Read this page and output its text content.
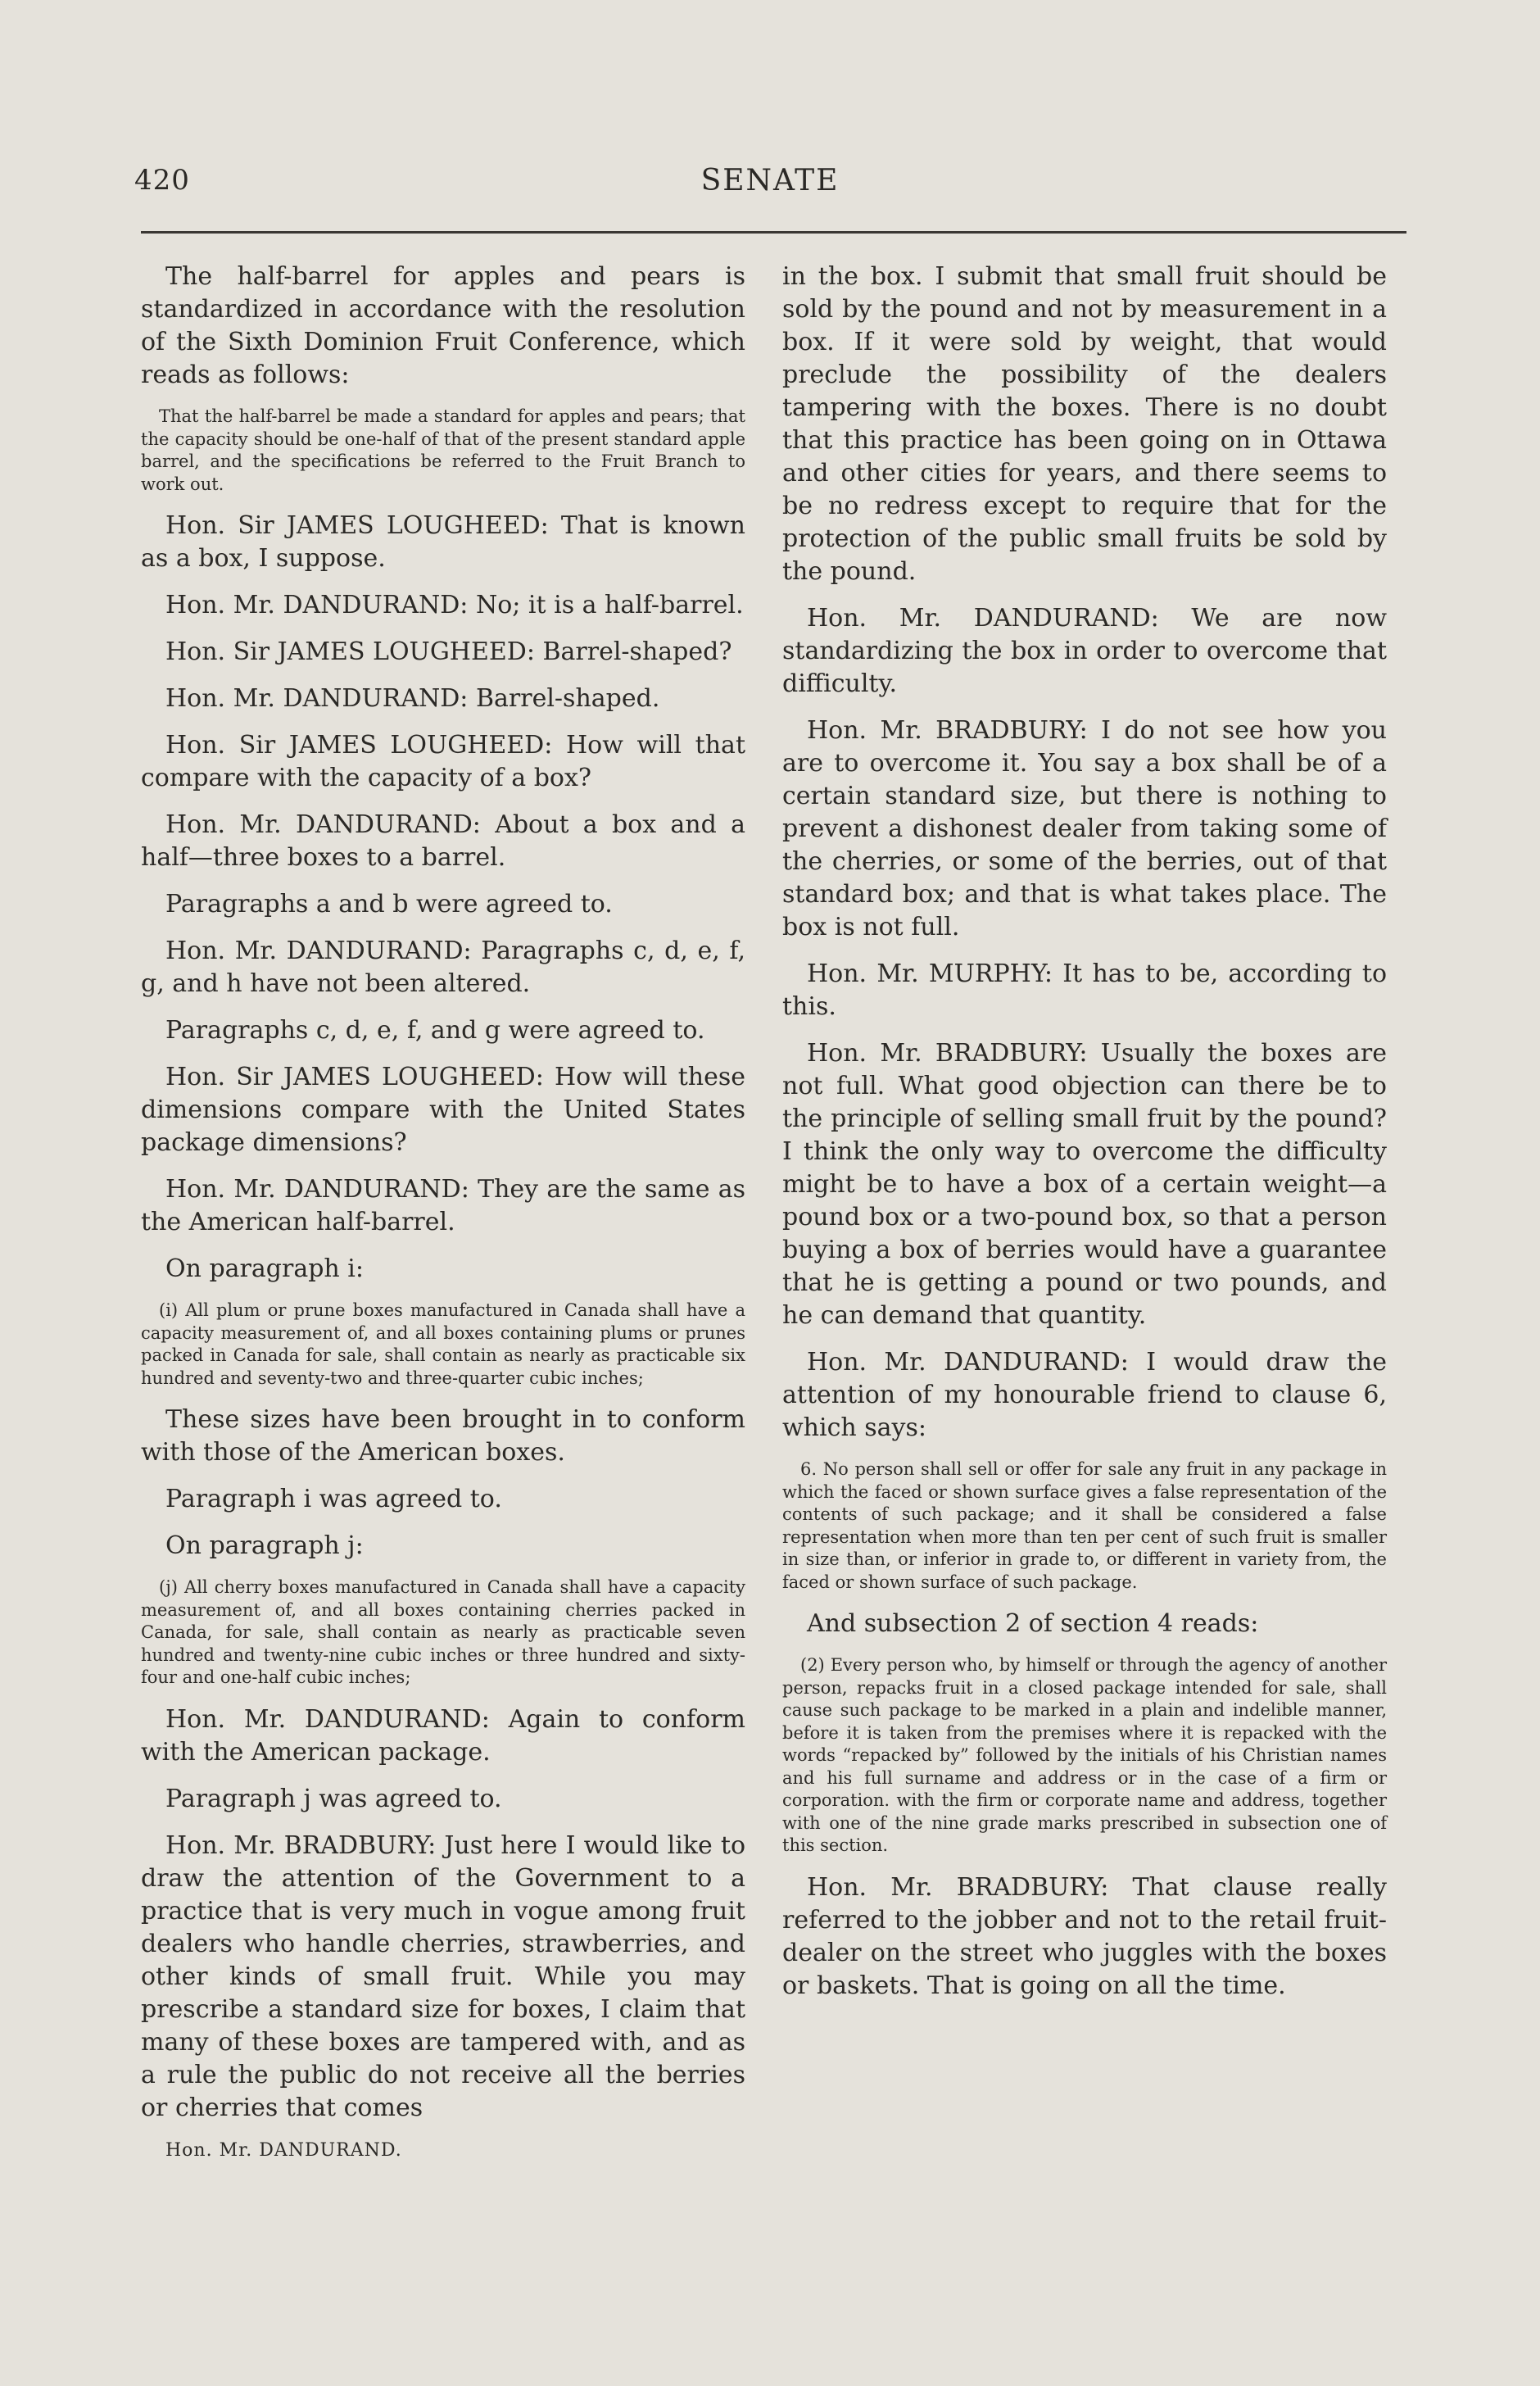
420	SENATE

The half-barrel for apples and pears is standardized in accordance with the resolution of the Sixth Dominion Fruit Conference, which reads as follows:

That the half-barrel be made a standard for apples and pears; that the capacity should be one-half of that of the present standard apple barrel, and the specifications be referred to the Fruit Branch to work out.

Hon. Sir JAMES LOUGHEED: That is known as a box, I suppose.

Hon. Mr. DANDURAND: No; it is a half-barrel.

Hon. Sir JAMES LOUGHEED: Barrel-shaped?

Hon. Mr. DANDURAND: Barrel-shaped.

Hon. Sir JAMES LOUGHEED: How will that compare with the capacity of a box?

Hon. Mr. DANDURAND: About a box and a half—three boxes to a barrel.

Paragraphs a and b were agreed to.

Hon. Mr. DANDURAND: Paragraphs c, d, e, f, g, and h have not been altered.

Paragraphs c, d, e, f, and g were agreed to.

Hon. Sir JAMES LOUGHEED: How will these dimensions compare with the United States package dimensions?

Hon. Mr. DANDURAND: They are the same as the American half-barrel.

On paragraph i:

(i) All plum or prune boxes manufactured in Canada shall have a capacity measurement of, and all boxes containing plums or prunes packed in Canada for sale, shall contain as nearly as practicable six hundred and seventy-two and three-quarter cubic inches;

These sizes have been brought in to conform with those of the American boxes.

Paragraph i was agreed to.

On paragraph j:

(j) All cherry boxes manufactured in Canada shall have a capacity measurement of, and all boxes containing cherries packed in Canada, for sale, shall contain as nearly as practicable seven hundred and twenty-nine cubic inches or three hundred and sixty-four and one-half cubic inches;

Hon. Mr. DANDURAND: Again to conform with the American package.

Paragraph j was agreed to.

Hon. Mr. BRADBURY: Just here I would like to draw the attention of the Government to a practice that is very much in vogue among fruit dealers who handle cherries, strawberries, and other kinds of small fruit. While you may prescribe a standard size for boxes, I claim that many of these boxes are tampered with, and as a rule the public do not receive all the berries or cherries that comes

Hon. Mr. DANDURAND.

in the box. I submit that small fruit should be sold by the pound and not by measurement in a box. If it were sold by weight, that would preclude the possibility of the dealers tampering with the boxes. There is no doubt that this practice has been going on in Ottawa and other cities for years, and there seems to be no redress except to require that for the protection of the public small fruits be sold by the pound.

Hon. Mr. DANDURAND: We are now standardizing the box in order to overcome that difficulty.

Hon. Mr. BRADBURY: I do not see how you are to overcome it. You say a box shall be of a certain standard size, but there is nothing to prevent a dishonest dealer from taking some of the cherries, or some of the berries, out of that standard box; and that is what takes place. The box is not full.

Hon. Mr. MURPHY: It has to be, according to this.

Hon. Mr. BRADBURY: Usually the boxes are not full. What good objection can there be to the principle of selling small fruit by the pound? I think the only way to overcome the difficulty might be to have a box of a certain weight—a pound box or a two-pound box, so that a person buying a box of berries would have a guarantee that he is getting a pound or two pounds, and he can demand that quantity.

Hon. Mr. DANDURAND: I would draw the attention of my honourable friend to clause 6, which says:

6. No person shall sell or offer for sale any fruit in any package in which the faced or shown surface gives a false representation of the contents of such package; and it shall be considered a false representation when more than ten per cent of such fruit is smaller in size than, or inferior in grade to, or different in variety from, the faced or shown surface of such package.

And subsection 2 of section 4 reads:

(2) Every person who, by himself or through the agency of another person, repacks fruit in a closed package intended for sale, shall cause such package to be marked in a plain and indelible manner, before it is taken from the premises where it is repacked with the words “repacked by” followed by the initials of his Christian names and his full surname and address or in the case of a firm or corporation. with the firm or corporate name and address, together with one of the nine grade marks prescribed in subsection one of this section.

Hon. Mr. BRADBURY: That clause really referred to the jobber and not to the retail fruit-dealer on the street who juggles with the boxes or baskets. That is going on all the time.
